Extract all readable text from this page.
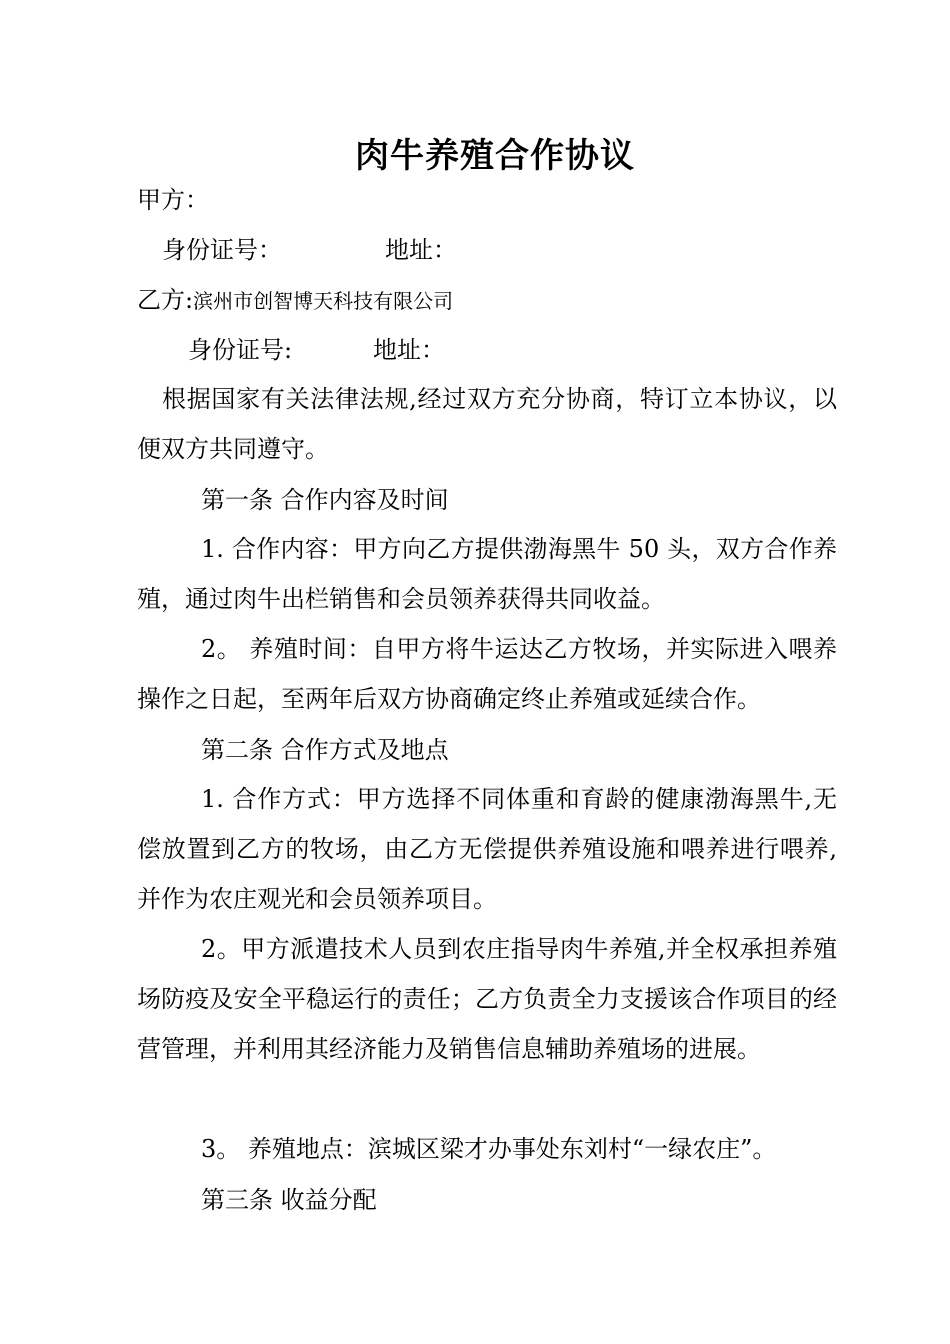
肉牛养殖合作协议
甲方：
身份证号：	地址：
乙方:滨州市创智博天科技有限公司
身份证号:	地址：
根据国家有关法律法规,经过双方充分协商，特订立本协议，以便双方共同遵守。
第一条 合作内容及时间
1. 合作内容：甲方向乙方提供渤海黑牛 50 头，双方合作养殖，通过肉牛出栏销售和会员领养获得共同收益。
2。 养殖时间：自甲方将牛运达乙方牧场，并实际进入喂养操作之日起，至两年后双方协商确定终止养殖或延续合作。
第二条 合作方式及地点
1. 合作方式：甲方选择不同体重和育龄的健康渤海黑牛,无偿放置到乙方的牧场，由乙方无偿提供养殖设施和喂养进行喂养,并作为农庄观光和会员领养项目。
2。甲方派遣技术人员到农庄指导肉牛养殖,并全权承担养殖场防疫及安全平稳运行的责任；乙方负责全力支援该合作项目的经营管理，并利用其经济能力及销售信息辅助养殖场的进展。
3。 养殖地点：滨城区梁才办事处东刘村“一绿农庄”。
第三条 收益分配
